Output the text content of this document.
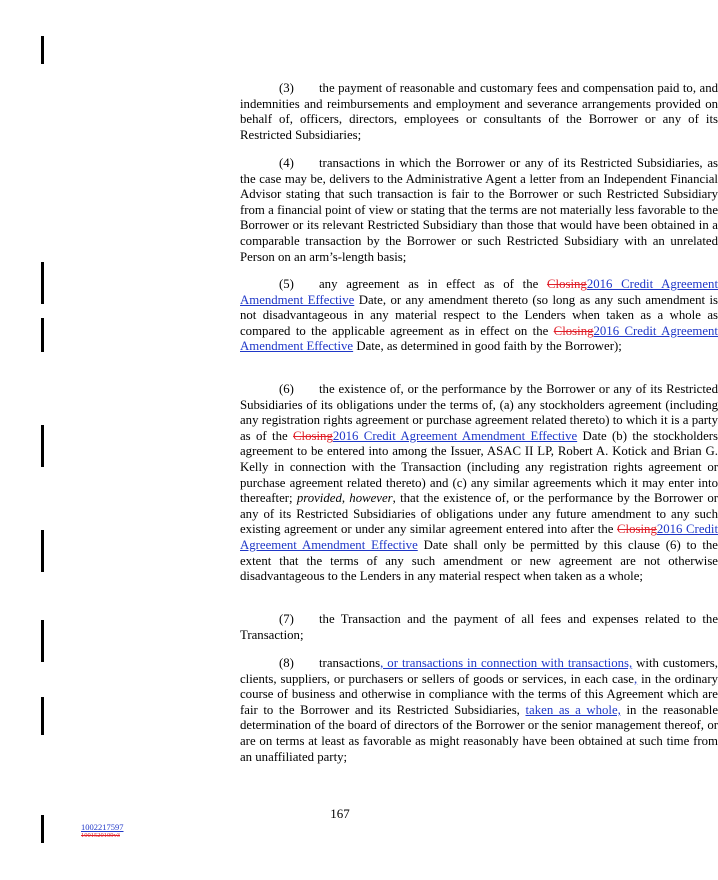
(3) the payment of reasonable and customary fees and compensation paid to, and indemnities and reimbursements and employment and severance arrangements provided on behalf of, officers, directors, employees or consultants of the Borrower or any of its Restricted Subsidiaries;

(4) transactions in which the Borrower or any of its Restricted Subsidiaries, as the case may be, delivers to the Administrative Agent a letter from an Independent Financial Advisor stating that such transaction is fair to the Borrower or such Restricted Subsidiary from a financial point of view or stating that the terms are not materially less favorable to the Borrower or its relevant Restricted Subsidiary than those that would have been obtained in a comparable transaction by the Borrower or such Restricted Subsidiary with an unrelated Person on an arm’s-length basis;

(5) any agreement as in effect as of the Closing2016 Credit Agreement Amendment Effective Date, or any amendment thereto (so long as any such amendment is not disadvantageous in any material respect to the Lenders when taken as a whole as compared to the applicable agreement as in effect on the Closing2016 Credit Agreement Amendment Effective Date, as determined in good faith by the Borrower);

(6) the existence of, or the performance by the Borrower or any of its Restricted Subsidiaries of its obligations under the terms of, (a) any stockholders agreement (including any registration rights agreement or purchase agreement related thereto) to which it is a party as of the Closing2016 Credit Agreement Amendment Effective Date (b) the stockholders agreement to be entered into among the Issuer, ASAC II LP, Robert A. Kotick and Brian G. Kelly in connection with the Transaction (including any registration rights agreement or purchase agreement related thereto) and (c) any similar agreements which it may enter into thereafter; provided, however, that the existence of, or the performance by the Borrower or any of its Restricted Subsidiaries of obligations under any future amendment to any such existing agreement or under any similar agreement entered into after the Closing2016 Credit Agreement Amendment Effective Date shall only be permitted by this clause (6) to the extent that the terms of any such amendment or new agreement are not otherwise disadvantageous to the Lenders in any material respect when taken as a whole;

(7) the Transaction and the payment of all fees and expenses related to the Transaction;

(8) transactions, or transactions in connection with transactions, with customers, clients, suppliers, or purchasers or sellers of goods or services, in each case, in the ordinary course of business and otherwise in compliance with the terms of this Agreement which are fair to the Borrower and its Restricted Subsidiaries, taken as a whole, in the reasonable determination of the board of directors of the Borrower or the senior management thereof, or are on terms at least as favorable as might reasonably have been obtained at such time from an unaffiliated party;

167
1002217597
1001520109v3
